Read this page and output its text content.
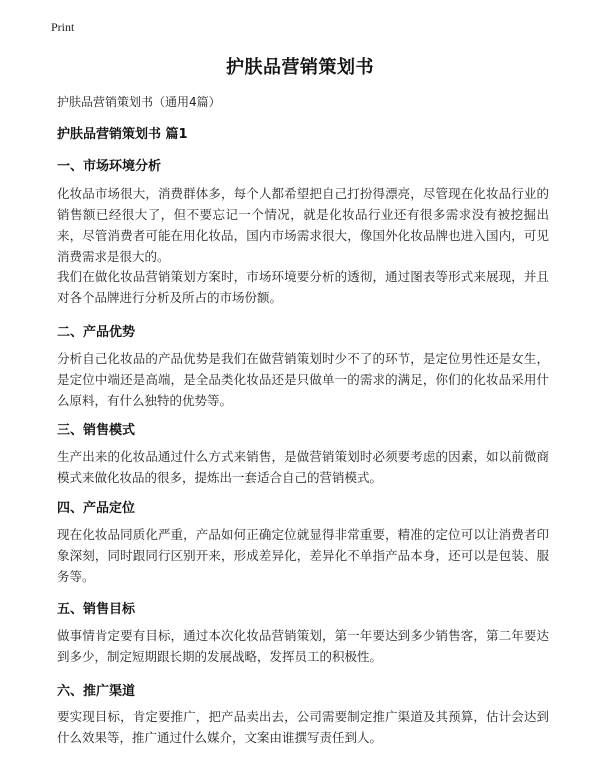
Print
护肤品营销策划书
护肤品营销策划书（通用4篇）
护肤品营销策划书 篇1
一、市场环境分析

化妆品市场很大，消费群体多，每个人都希望把自己打扮得漂亮，尽管现在化妆品行业的销售额已经很大了，但不要忘记一个情况，就是化妆品行业还有很多需求没有被挖掘出来，尽管消费者可能在用化妆品，国内市场需求很大，像国外化妆品牌也进入国内，可见消费需求是很大的。

我们在做化妆品营销策划方案时，市场环境要分析的透彻，通过图表等形式来展现，并且对各个品牌进行分析及所占的市场份额。

二、产品优势

分析自己化妆品的产品优势是我们在做营销策划时少不了的环节，是定位男性还是女生，是定位中端还是高端，是全品类化妆品还是只做单一的需求的满足，你们的化妆品采用什么原料，有什么独特的优势等。

三、销售模式

生产出来的化妆品通过什么方式来销售，是做营销策划时必须要考虑的因素，如以前微商模式来做化妆品的很多，提炼出一套适合自己的营销模式。

四、产品定位

现在化妆品同质化严重，产品如何正确定位就显得非常重要，精准的定位可以让消费者印象深刻，同时跟同行区别开来，形成差异化，差异化不单指产品本身，还可以是包装、服务等。

五、销售目标

做事情肯定要有目标，通过本次化妆品营销策划，第一年要达到多少销售客，第二年要达到多少，制定短期跟长期的发展战略，发挥员工的积极性。

六、推广渠道

要实现目标，肯定要推广，把产品卖出去，公司需要制定推广渠道及其预算，估计会达到什么效果等，推广通过什么媒介，文案由谁撰写责任到人。
